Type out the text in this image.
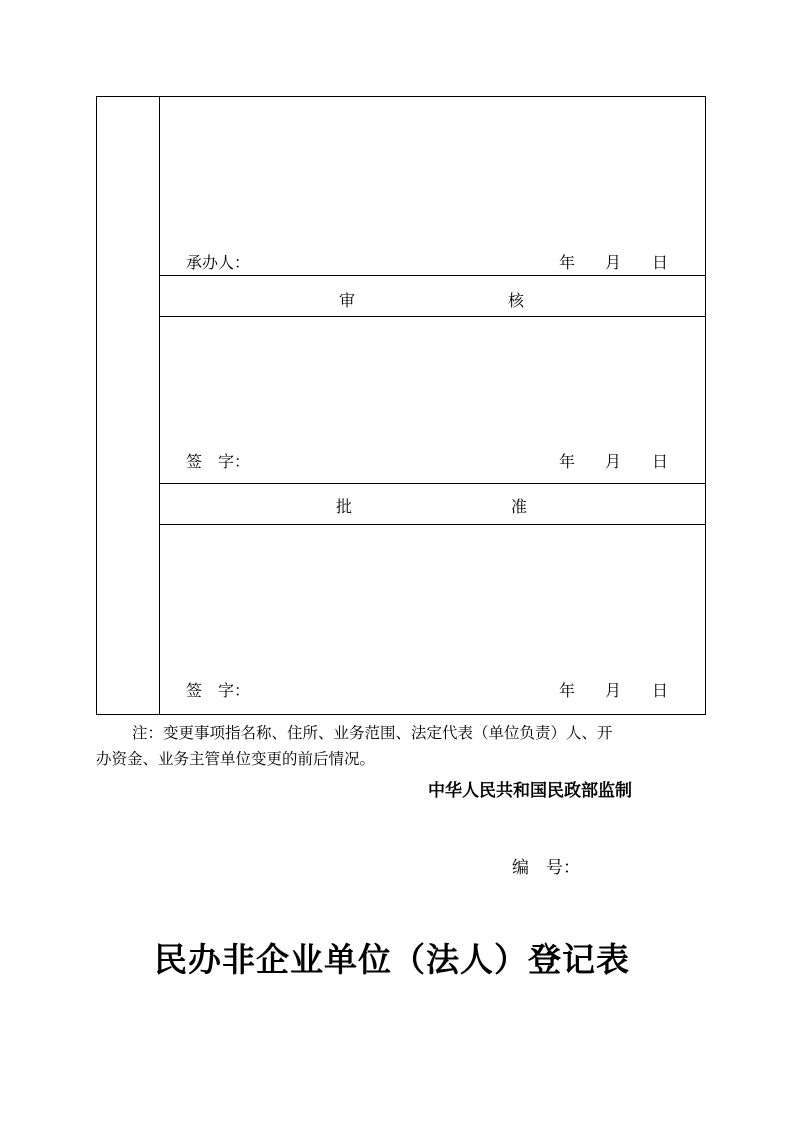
承办人：	年 月 日
审	核
签　字：	年 月 日
批	准
签　字：	年 月 日
注：变更事项指名称、住所、业务范围、法定代表（单位负责）人、开
办资金、业务主管单位变更的前后情况。
中华人民共和国民政部监制
编　号：
民办非企业单位（法人）登记表
